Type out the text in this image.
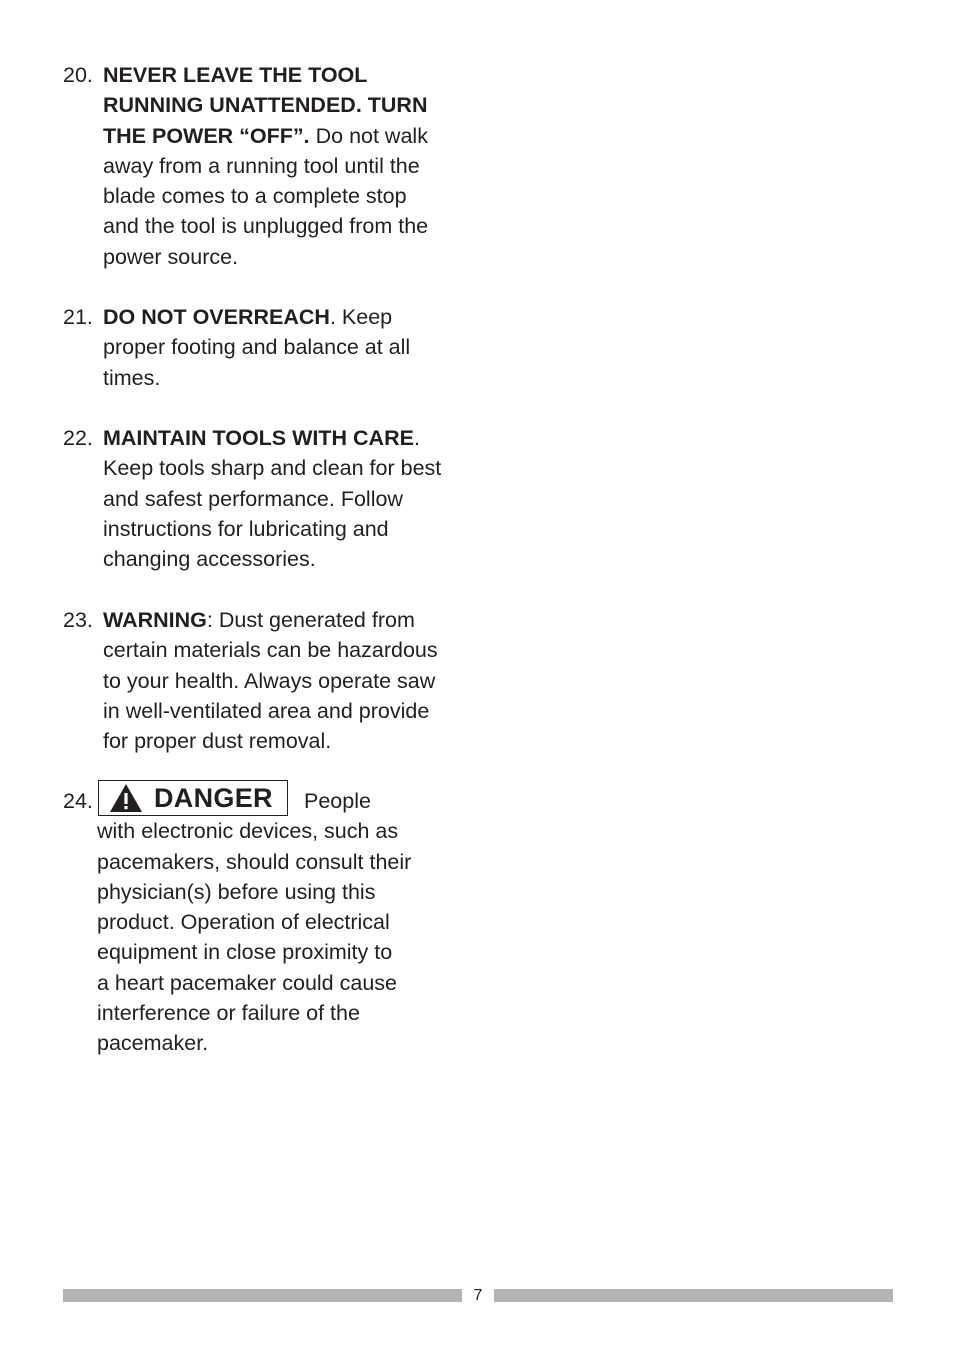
20. NEVER LEAVE THE TOOL
RUNNING UNATTENDED. TURN
THE POWER “OFF”. Do not walk
away from a running tool until the
blade comes to a complete stop
and the tool is unplugged from the
power source.
21. DO NOT OVERREACH. Keep
proper footing and balance at all
times.
22. MAINTAIN TOOLS WITH CARE.
Keep tools sharp and clean for best
and safest performance. Follow
instructions for lubricating and
changing accessories.
23. WARNING: Dust generated from
certain materials can be hazardous
to your health. Always operate saw
in well-ventilated area and provide
for proper dust removal.
24. DANGER People
with electronic devices, such as
pacemakers, should consult their
physician(s) before using this
product. Operation of electrical
equipment in close proximity to
a heart pacemaker could cause
interference or failure of the
pacemaker.
7
